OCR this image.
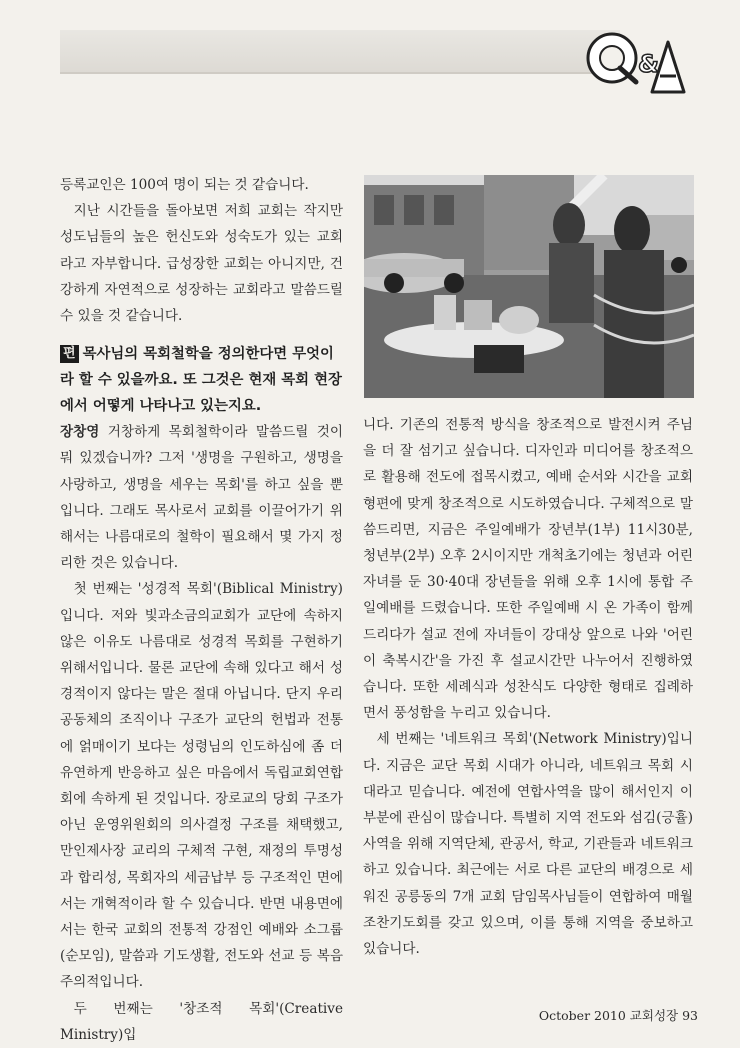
&

등록교인은 100여 명이 되는 것 같습니다.

지난 시간들을 돌아보면 저희 교회는 작지만 성도님들의 높은 헌신도와 성숙도가 있는 교회라고 자부합니다. 급성장한 교회는 아니지만, 건강하게 자연적으로 성장하는 교회라고 말씀드릴 수 있을 것 같습니다.

편 목사님의 목회철학을 정의한다면 무엇이라 할 수 있을까요. 또 그것은 현재 목회 현장에서 어떻게 나타나고 있는지요.

장창영 거창하게 목회철학이라 말씀드릴 것이 뭐 있겠습니까? 그저 '생명을 구원하고, 생명을 사랑하고, 생명을 세우는 목회'를 하고 싶을 뿐입니다. 그래도 목사로서 교회를 이끌어가기 위해서는 나름대로의 철학이 필요해서 몇 가지 정리한 것은 있습니다.

첫 번째는 '성경적 목회'(Biblical Ministry)입니다. 저와 빛과소금의교회가 교단에 속하지 않은 이유도 나름대로 성경적 목회를 구현하기 위해서입니다. 물론 교단에 속해 있다고 해서 성경적이지 않다는 말은 절대 아닙니다. 단지 우리 공동체의 조직이나 구조가 교단의 헌법과 전통에 얽매이기 보다는 성령님의 인도하심에 좀 더 유연하게 반응하고 싶은 마음에서 독립교회연합회에 속하게 된 것입니다. 장로교의 당회 구조가 아닌 운영위원회의 의사결정 구조를 채택했고, 만인제사장 교리의 구체적 구현, 재정의 투명성과 합리성, 목회자의 세금납부 등 구조적인 면에서는 개혁적이라 할 수 있습니다. 반면 내용면에서는 한국 교회의 전통적 강점인 예배와 소그룹(순모임), 말씀과 기도생활, 전도와 선교 등 복음주의적입니다.

두 번째는 '창조적 목회'(Creative Ministry)입

니다. 기존의 전통적 방식을 창조적으로 발전시켜 주님을 더 잘 섬기고 싶습니다. 디자인과 미디어를 창조적으로 활용해 전도에 접목시켰고, 예배 순서와 시간을 교회 형편에 맞게 창조적으로 시도하였습니다. 구체적으로 말씀드리면, 지금은 주일예배가 장년부(1부) 11시30분, 청년부(2부) 오후 2시이지만 개척초기에는 청년과 어린 자녀를 둔 30·40대 장년들을 위해 오후 1시에 통합 주일예배를 드렸습니다. 또한 주일예배 시 온 가족이 함께 드리다가 설교 전에 자녀들이 강대상 앞으로 나와 '어린이 축복시간'을 가진 후 설교시간만 나누어서 진행하였습니다. 또한 세례식과 성찬식도 다양한 형태로 집례하면서 풍성함을 누리고 있습니다.

세 번째는 '네트워크 목회'(Network Ministry)입니다. 지금은 교단 목회 시대가 아니라, 네트워크 목회 시대라고 믿습니다. 예전에 연합사역을 많이 해서인지 이 부분에 관심이 많습니다. 특별히 지역 전도와 섬김(긍휼) 사역을 위해 지역단체, 관공서, 학교, 기관들과 네트워크하고 있습니다. 최근에는 서로 다른 교단의 배경으로 세워진 공릉동의 7개 교회 담임목사님들이 연합하여 매월 조찬기도회를 갖고 있으며, 이를 통해 지역을 중보하고 있습니다.

October 2010 교회성장 93
